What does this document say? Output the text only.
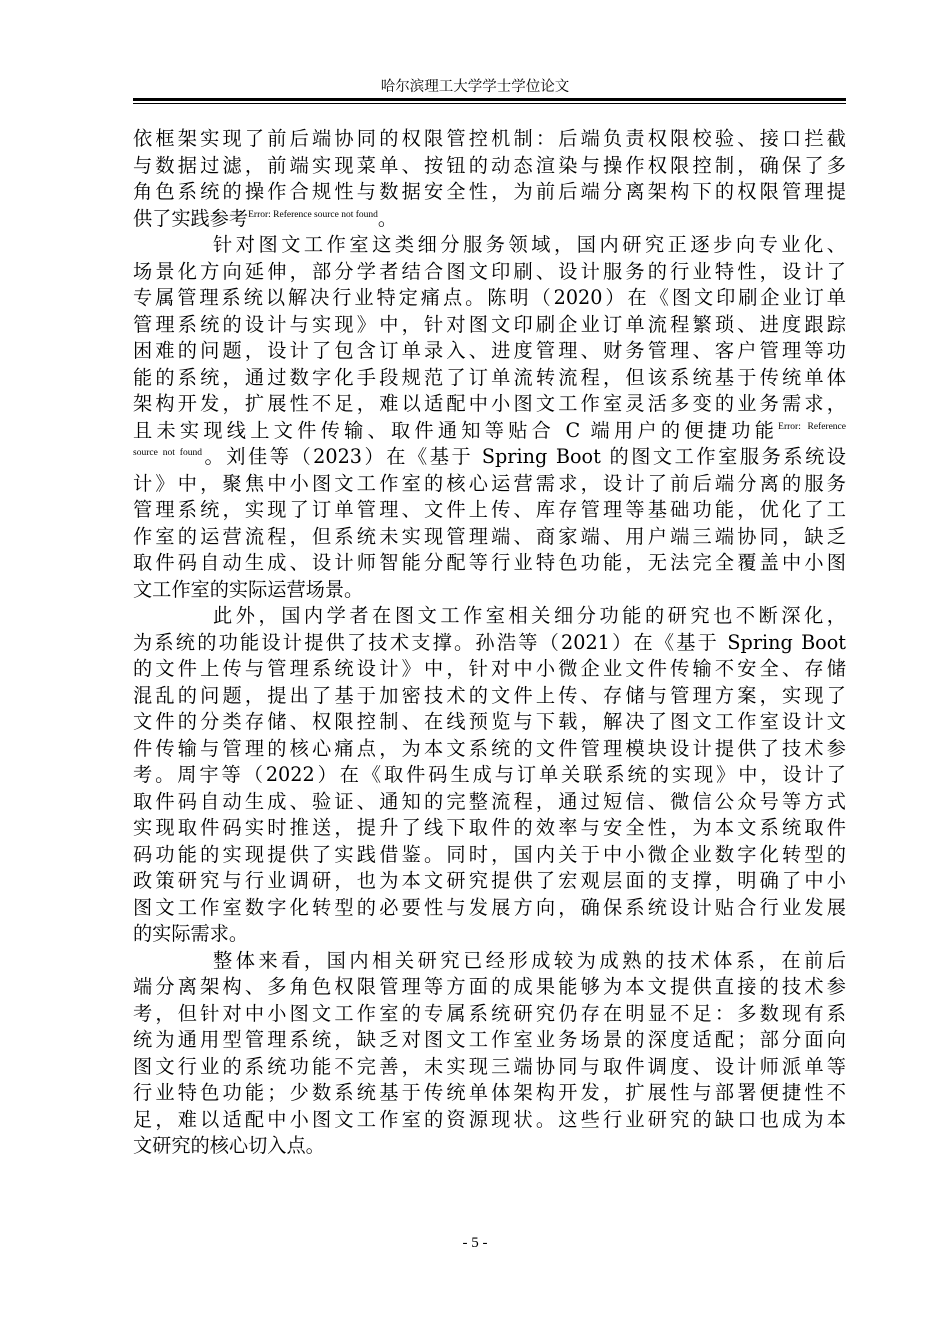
哈尔滨理工大学学士学位论文
依框架实现了前后端协同的权限管控机制：后端负责权限校验、接口拦截
与数据过滤，前端实现菜单、按钮的动态渲染与操作权限控制，确保了多
角色系统的操作合规性与数据安全性，为前后端分离架构下的权限管理提
供了实践参考$^{Error: Reference source not found}$。
针对图文工作室这类细分服务领域，国内研究正逐步向专业化、
场景化方向延伸，部分学者结合图文印刷、设计服务的行业特性，设计了
专属管理系统以解决行业特定痛点。陈明（2020）在《图文印刷企业订单
管理系统的设计与实现》中，针对图文印刷企业订单流程繁琐、进度跟踪
困难的问题，设计了包含订单录入、进度管理、财务管理、客户管理等功
能的系统，通过数字化手段规范了订单流转流程，但该系统基于传统单体
架构开发，扩展性不足，难以适配中小图文工作室灵活多变的业务需求，
且未实现线上文件传输、取件通知等贴合 C 端用户的便捷功能$^{Error: Reference}$
$^{source not found}$。刘佳等（2023）在《基于 Spring Boot 的图文工作室服务系统设
计》中，聚焦中小图文工作室的核心运营需求，设计了前后端分离的服务
管理系统，实现了订单管理、文件上传、库存管理等基础功能，优化了工
作室的运营流程，但系统未实现管理端、商家端、用户端三端协同，缺乏
取件码自动生成、设计师智能分配等行业特色功能，无法完全覆盖中小图
文工作室的实际运营场景。
此外，国内学者在图文工作室相关细分功能的研究也不断深化，
为系统的功能设计提供了技术支撑。孙浩等（2021）在《基于 Spring Boot
的文件上传与管理系统设计》中，针对中小微企业文件传输不安全、存储
混乱的问题，提出了基于加密技术的文件上传、存储与管理方案，实现了
文件的分类存储、权限控制、在线预览与下载，解决了图文工作室设计文
件传输与管理的核心痛点，为本文系统的文件管理模块设计提供了技术参
考。周宇等（2022）在《取件码生成与订单关联系统的实现》中，设计了
取件码自动生成、验证、通知的完整流程，通过短信、微信公众号等方式
实现取件码实时推送，提升了线下取件的效率与安全性，为本文系统取件
码功能的实现提供了实践借鉴。同时，国内关于中小微企业数字化转型的
政策研究与行业调研，也为本文研究提供了宏观层面的支撑，明确了中小
图文工作室数字化转型的必要性与发展方向，确保系统设计贴合行业发展
的实际需求。
整体来看，国内相关研究已经形成较为成熟的技术体系，在前后
端分离架构、多角色权限管理等方面的成果能够为本文提供直接的技术参
考，但针对中小图文工作室的专属系统研究仍存在明显不足：多数现有系
统为通用型管理系统，缺乏对图文工作室业务场景的深度适配；部分面向
图文行业的系统功能不完善，未实现三端协同与取件调度、设计师派单等
行业特色功能；少数系统基于传统单体架构开发，扩展性与部署便捷性不
足，难以适配中小图文工作室的资源现状。这些行业研究的缺口也成为本
文研究的核心切入点。
- 5 -
